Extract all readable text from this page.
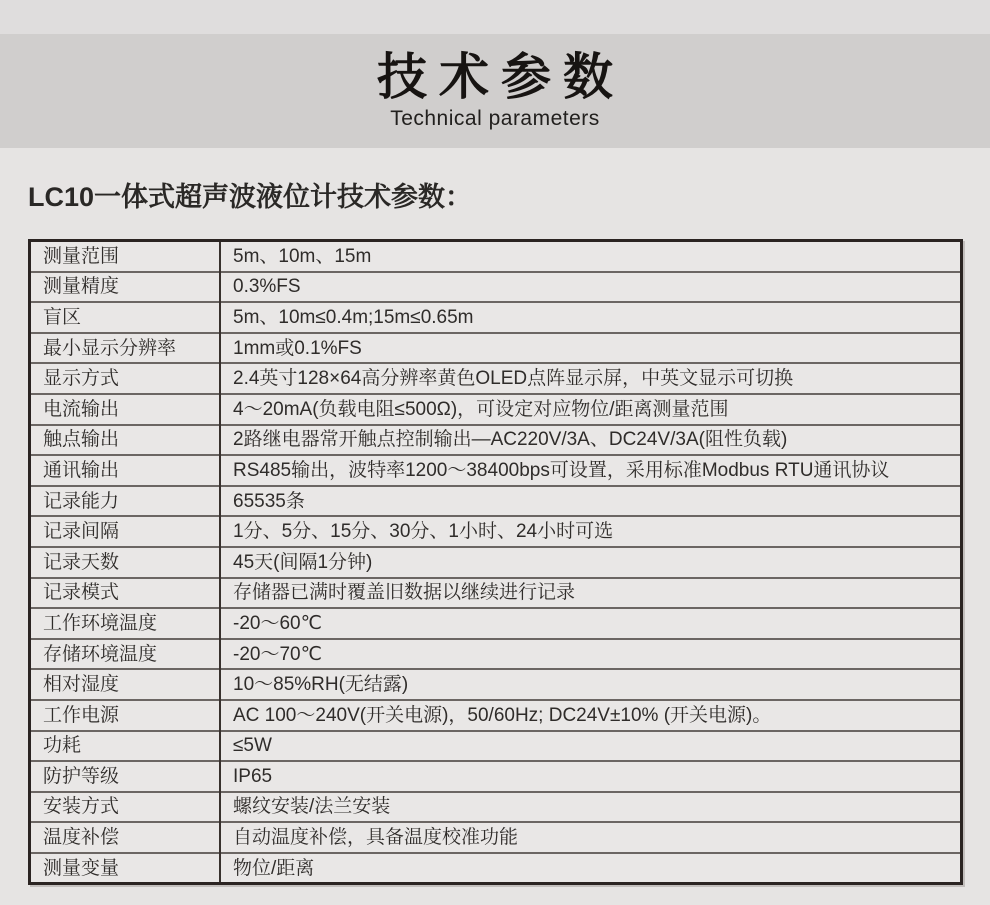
技术参数
Technical parameters
LC10一体式超声波液位计技术参数：
测量范围	5m、10m、15m
测量精度	0.3%FS
盲区	5m、10m≤0.4m;15m≤0.65m
最小显示分辨率	1mm或0.1%FS
显示方式	2.4英寸128×64高分辨率黄色OLED点阵显示屏，中英文显示可切换
电流输出	4～20mA(负载电阻≤500Ω)，可设定对应物位/距离测量范围
触点输出	2路继电器常开触点控制输出—AC220V/3A、DC24V/3A(阻性负载)
通讯输出	RS485输出，波特率1200～38400bps可设置，采用标准Modbus RTU通讯协议
记录能力	65535条
记录间隔	1分、5分、15分、30分、1小时、24小时可选
记录天数	45天(间隔1分钟)
记录模式	存储器已满时覆盖旧数据以继续进行记录
工作环境温度	-20～60℃
存储环境温度	-20～70℃
相对湿度	10～85%RH(无结露)
工作电源	AC 100～240V(开关电源)，50/60Hz; DC24V±10% (开关电源)。
功耗	≤5W
防护等级	IP65
安装方式	螺纹安装/法兰安装
温度补偿	自动温度补偿，具备温度校准功能
测量变量	物位/距离
